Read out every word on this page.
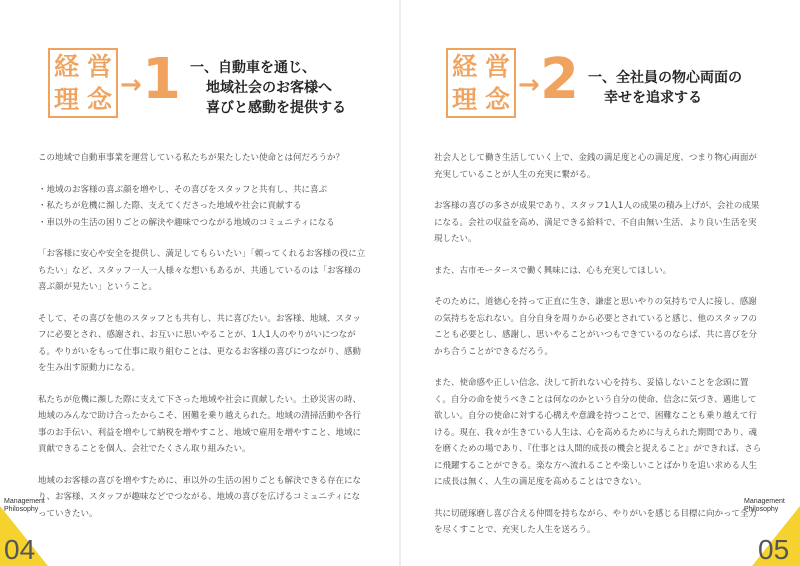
経 営
理 念 → 1 一、自動車を通じ、
地域社会のお客様へ
喜びと感動を提供する

この地域で自動車事業を運営している私たちが果たしたい使命とは何だろうか？

・ 地域のお客様の喜ぶ顔を増やし、その喜びをスタッフと共有し、共に喜ぶ
・ 私たちが危機に瀕した際、支えてくださった地域や社会に貢献する
・ 車以外の生活の困りごとの解決や趣味でつながる地域のコミュニティになる

「お客様に安心や安全を提供し、満足してもらいたい」「頼ってくれるお客様の役に立ちたい」など、スタッフ一人一人様々な想いもあるが、共通しているのは「お客様の喜ぶ顔が見たい」ということ。

そして、その喜びを他のスタッフとも共有し、共に喜びたい。お客様、地域、スタッフに必要とされ、感謝され、お互いに思いやることが、1人1人のやりがいにつながる。やりがいをもって仕事に取り組むことは、更なるお客様の喜びにつながり、感動を生み出す原動力になる。

私たちが危機に瀕した際に支えて下さった地域や社会に貢献したい。土砂災害の時、地域のみんなで助け合ったからこそ、困難を乗り越えられた。地域の清掃活動や各行事のお手伝い、利益を増やして納税を増やすこと、地域で雇用を増やすこと、地域に貢献できることを個人、会社でたくさん取り組みたい。

地域のお客様の喜びを増やすために、車以外の生活の困りごとも解決できる存在になり、お客様、スタッフが趣味などでつながる、地域の喜びを広げるコミュニティになっていきたい。

Management
Philosophy
04
経 営
理 念 → 2 一、全社員の物心両面の
幸せを追求する

社会人として働き生活していく上で、金銭の満足度と心の満足度、つまり物心両面が充実していることが人生の充実に繋がる。

お客様の喜びの多さが成果であり、スタッフ1人1人の成果の積み上げが、会社の成果になる。会社の収益を高め、満足できる給料で、不自由無い生活、より良い生活を実現したい。

また、古市モータースで働く興味には、心も充実してほしい。

そのために、道徳心を持って正直に生き、謙虚と思いやりの気持ちで人に接し、感謝の気持ちを忘れない。自分自身を周りから必要とされていると感じ、他のスタッフのことも必要とし、感謝し、思いやることがいつもできているのならば、共に喜びを分かち合うことができるだろう。

また、使命感や正しい信念、決して折れない心を持ち、妥協しないことを念頭に置く。自分の命を使うべきことは何なのかという自分の使命、信念に気づき、邁進して欲しい。自分の使命に対する心構えや意識を持つことで、困難なことも乗り越えて行ける。現在、我々が生きている人生は、心を高めるために与えられた期間であり、魂を磨くための場であり、『仕事とは人間的成長の機会と捉えること』ができれば、さらに飛躍することができる。楽な方へ流れることや楽しいことばかりを追い求める人生に成長は無く、人生の満足度を高めることはできない。

共に切磋琢磨し喜び合える仲間を持ちながら、やりがいを感じる目標に向かって全力を尽くすことで、充実した人生を送ろう。

Management
Philosophy
05
